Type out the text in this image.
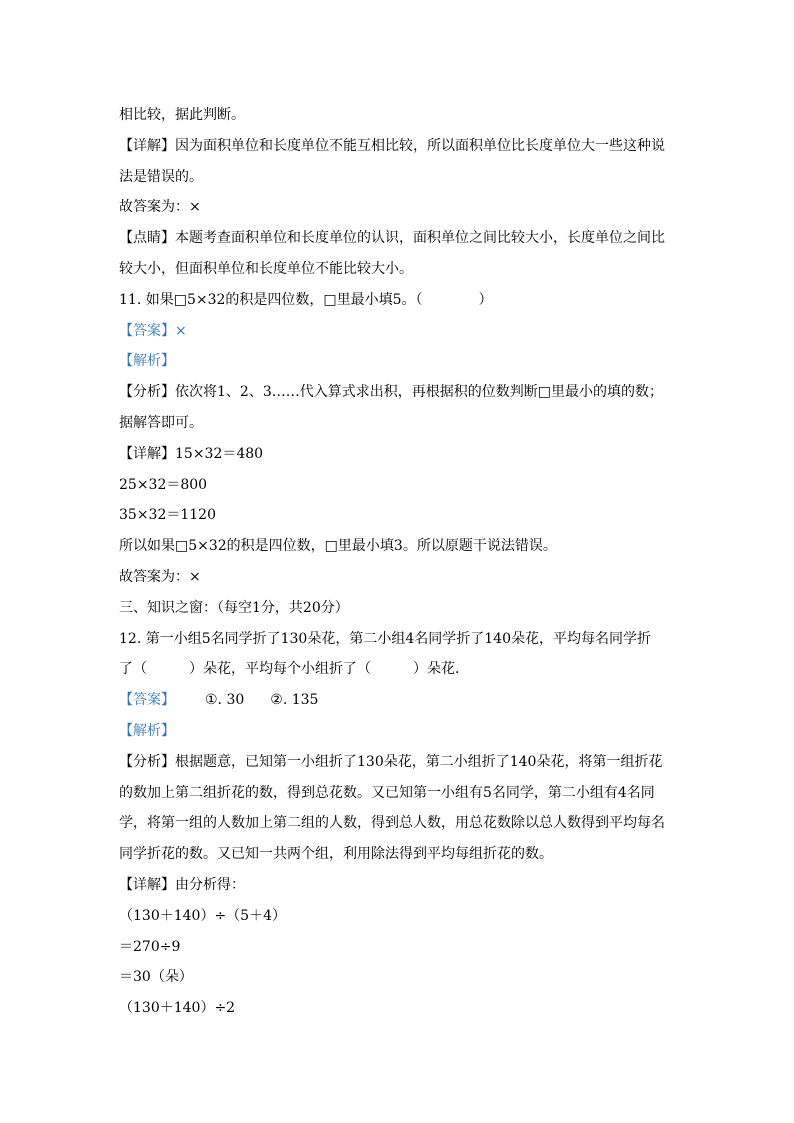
相比较，据此判断。
【详解】因为面积单位和长度单位不能互相比较，所以面积单位比长度单位大一些这种说
法是错误的。
故答案为：×
【点睛】本题考查面积单位和长度单位的认识，面积单位之间比较大小，长度单位之间比
较大小，但面积单位和长度单位不能比较大小。
11. 如果□5×32的积是四位数，□里最小填5。（　　　　）
【答案】×
【解析】
【分析】依次将1、2、3……代入算式求出积，再根据积的位数判断□里最小的填的数；
据解答即可。
【详解】15×32＝480
25×32＝800
35×32＝1120
所以如果□5×32的积是四位数，□里最小填3。所以原题干说法错误。
故答案为：×
三、知识之窗：（每空1分，共20分）
12. 第一小组5名同学折了130朵花，第二小组4名同学折了140朵花，平均每名同学折
了（　　　）朵花，平均每个小组折了（　　　）朵花．
【答案】 ①. 30 ②. 135
【解析】
【分析】根据题意，已知第一小组折了130朵花，第二小组折了140朵花，将第一组折花
的数加上第二组折花的数，得到总花数。又已知第一小组有5名同学，第二小组有4名同
学，将第一组的人数加上第二组的人数，得到总人数，用总花数除以总人数得到平均每名
同学折花的数。又已知一共两个组，利用除法得到平均每组折花的数。
【详解】由分析得：
（130＋140）÷（5＋4）
＝270÷9
＝30（朵）
（130＋140）÷2
